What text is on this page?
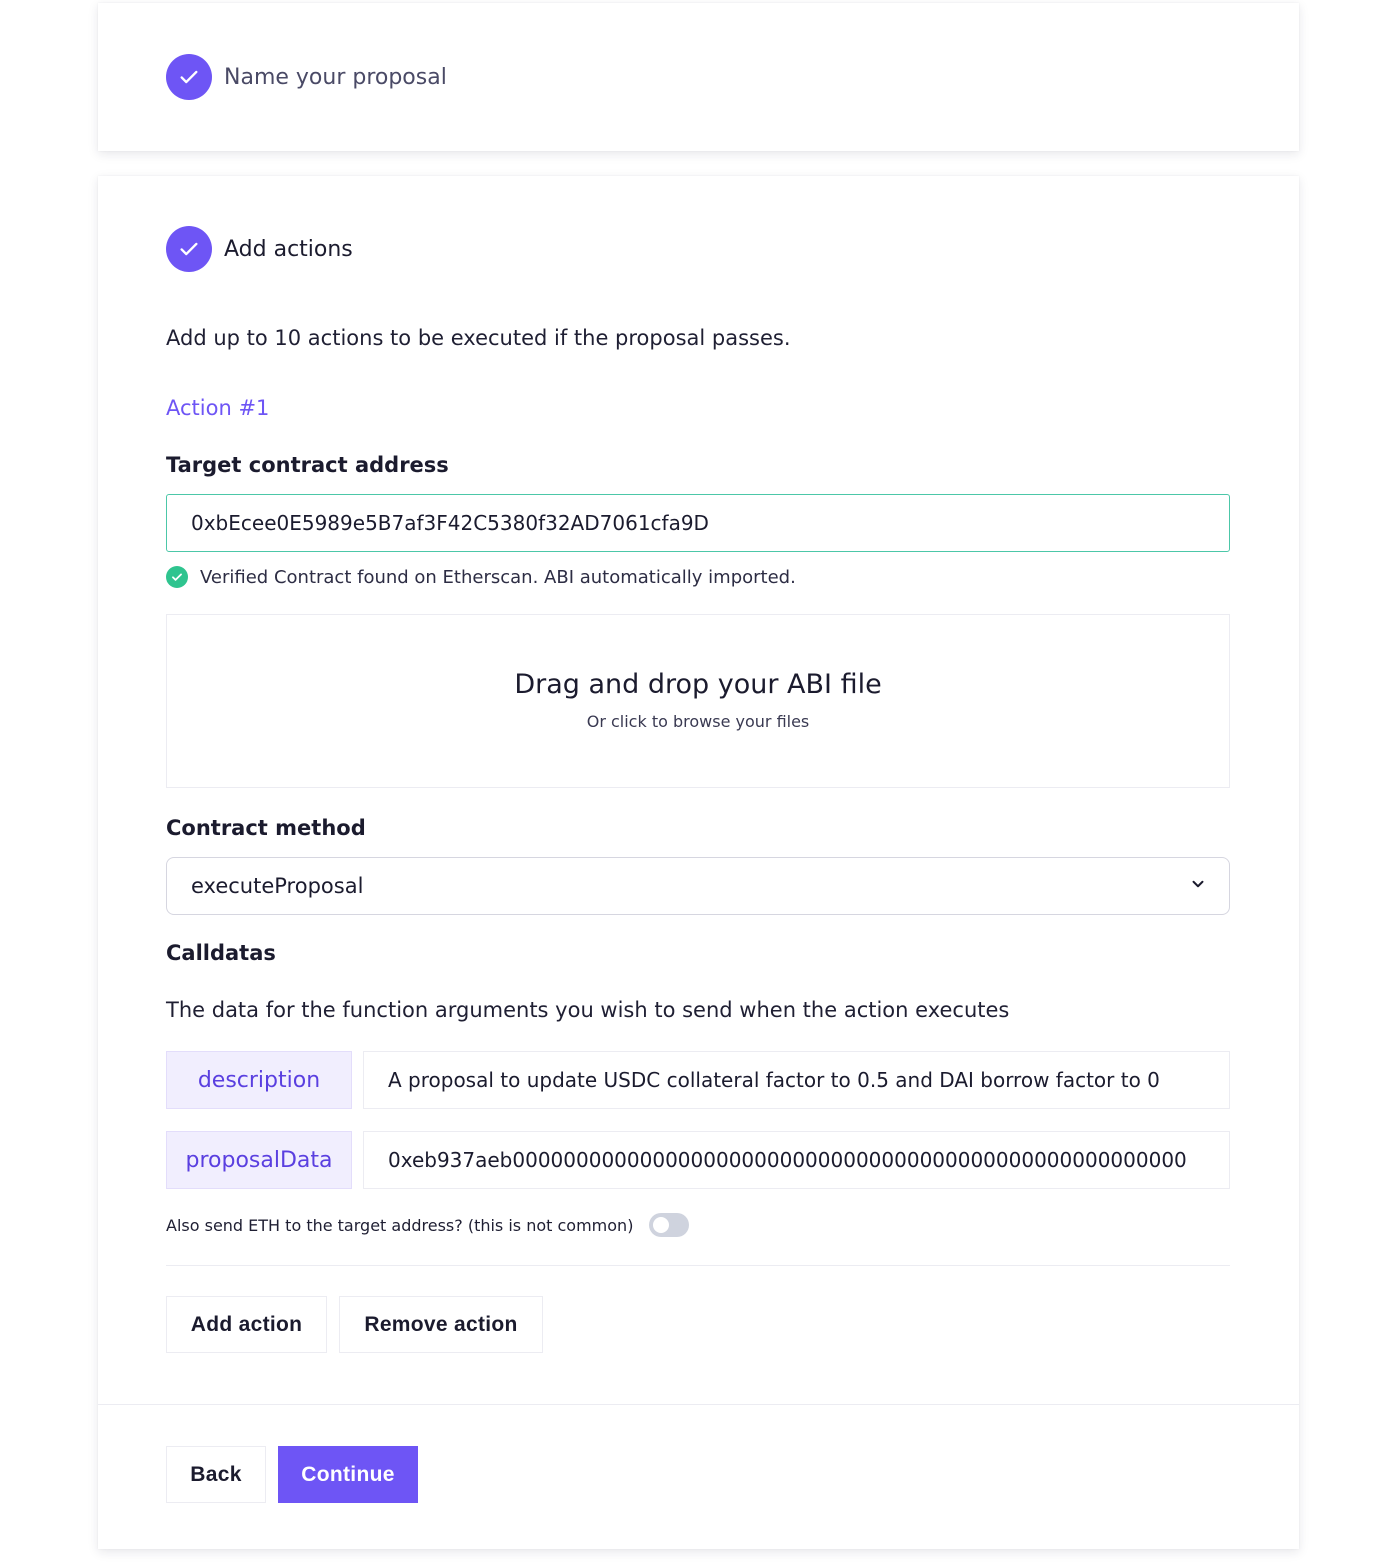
Name your proposal
Add actions

Add up to 10 actions to be executed if the proposal passes.

Action #1
Target contract address
0xbEcee0E5989e5B7af3F42C5380f32AD7061cfa9D
Verified Contract found on Etherscan. ABI automatically imported.
Drag and drop your ABI file
Or click to browse your files
Contract method
executeProposal
Calldatas

The data for the function arguments you wish to send when the action executes

description
A proposal to update USDC collateral factor to 0.5 and DAI borrow factor to 0
proposalData
0xeb937aeb00000000000000000000000000000000000000000000000000000
Also send ETH to the target address? (this is not common)
Add action	Remove action
Back	Continue
